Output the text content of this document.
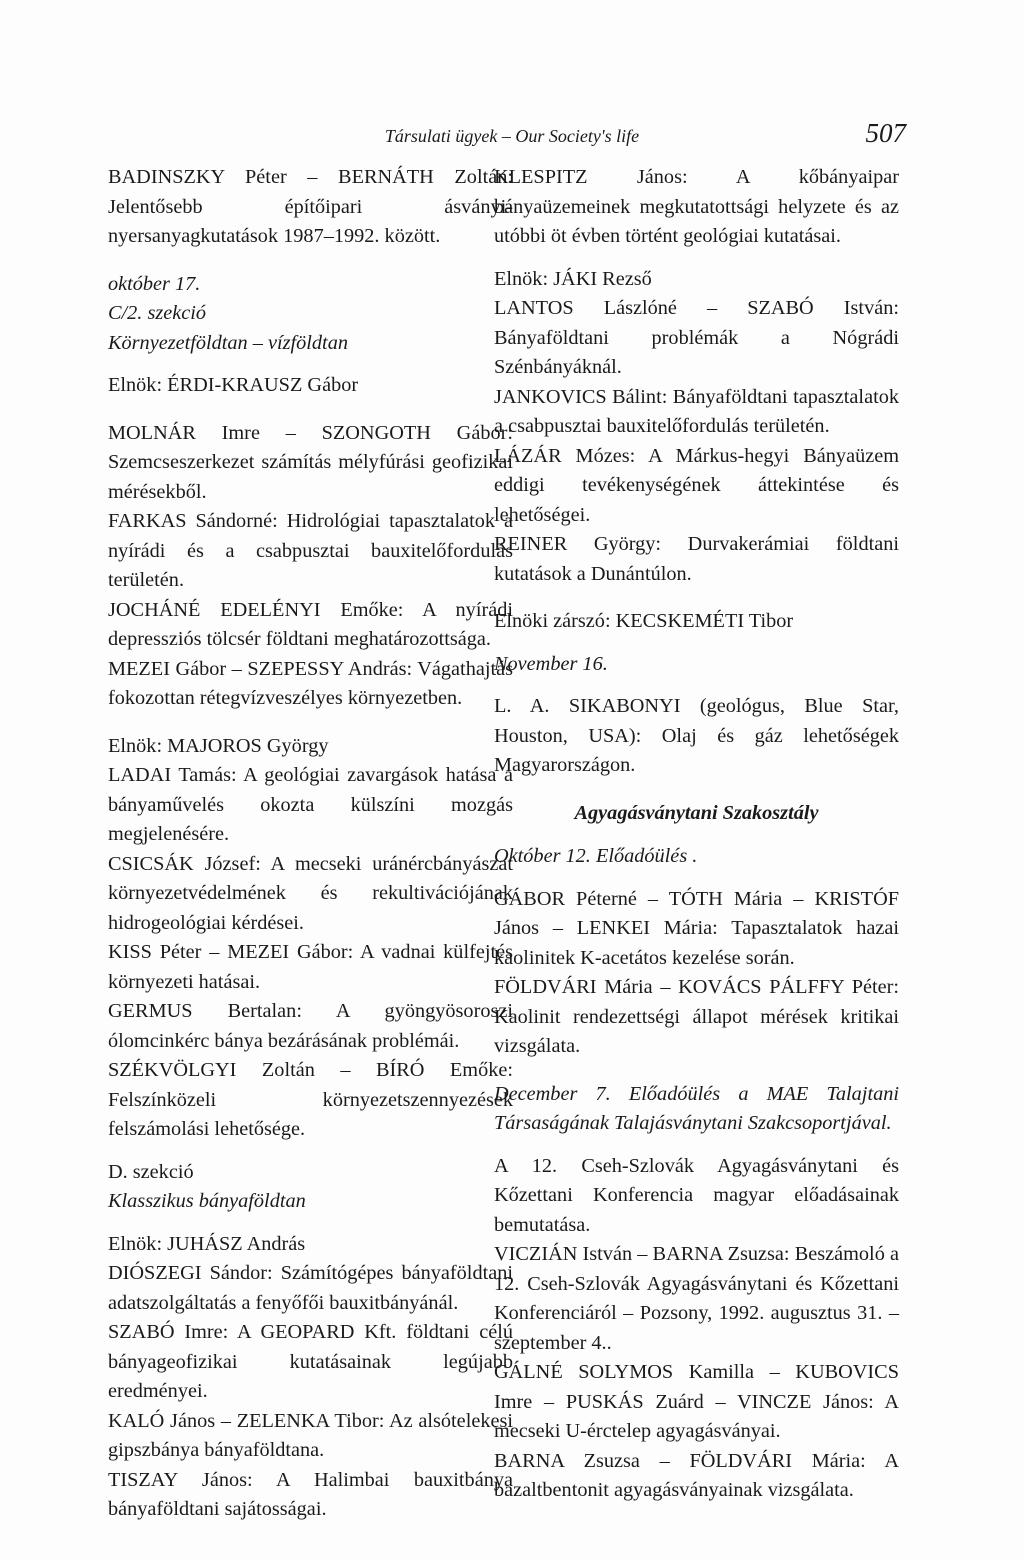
Társulati ügyek – Our Society's life	507

BADINSZKY Péter – BERNÁTH Zoltán: Jelentősebb építőipari ásványi-nyersanyagkutatások 1987–1992. között.

október 17.

C/2. szekció

Környezetföldtan – vízföldtan

Elnök: ÉRDI-KRAUSZ Gábor

MOLNÁR Imre – SZONGOTH Gábor: Szemcseszerkezet számítás mélyfúrási geofizikai mérésekből.

FARKAS Sándorné: Hidrológiai tapasztalatok a nyírádi és a csabpusztai bauxitelőfordulás területén.

JOCHÁNÉ EDELÉNYI Emőke: A nyírádi depressziós tölcsér földtani meghatározottsága.

MEZEI Gábor – SZEPESSY András: Vágathajtás fokozottan rétegvízveszélyes környezetben.

Elnök: MAJOROS György

LADAI Tamás: A geológiai zavargások hatása a bányaművelés okozta külszíni mozgás megjelenésére.

CSICSÁK József: A mecseki uránércbányászat környezetvédelmének és rekultivációjának hidrogeológiai kérdései.

KISS Péter – MEZEI Gábor: A vadnai külfejtés környezeti hatásai.

GERMUS Bertalan: A gyöngyösoroszi ólomcinkérc bánya bezárásának problémái.

SZÉKVÖLGYI Zoltán – BÍRÓ Emőke: Felszínközeli környezetszennyezések felszámolási lehetősége.

D. szekció

Klasszikus bányaföldtan

Elnök: JUHÁSZ András

DIÓSZEGI Sándor: Számítógépes bányaföldtani adatszolgáltatás a fenyőfői bauxitbányánál.

SZABÓ Imre: A GEOPARD Kft. földtani célú bányageofizikai kutatásainak legújabb eredményei.

KALÓ János – ZELENKA Tibor: Az alsótelekesi gipszbánya bányaföldtana.

TISZAY János: A Halimbai bauxitbánya bányaföldtani sajátosságai.

KLESPITZ János: A kőbányaipar bányaüzemeinek megkutatottsági helyzete és az utóbbi öt évben történt geológiai kutatásai.

Elnök: JÁKI Rezső

LANTOS Lászlóné – SZABÓ István: Bányaföldtani problémák a Nógrádi Szénbányáknál.

JANKOVICS Bálint: Bányaföldtani tapasztalatok a csabpusztai bauxitelőfordulás területén.

LÁZÁR Mózes: A Márkus-hegyi Bányaüzem eddigi tevékenységének áttekintése és lehetőségei.

REINER György: Durvakerámiai földtani kutatások a Dunántúlon.

Elnöki zárszó: KECSKEMÉTI Tibor

November 16.

L. A. SIKABONYI (geológus, Blue Star, Houston, USA): Olaj és gáz lehetőségek Magyarországon.

Agyagásványtani Szakosztály

Október 12. Előadóülés .

GÁBOR Péterné – TÓTH Mária – KRISTÓF János – LENKEI Mária: Tapasztalatok hazai kaolinitek K-acetátos kezelése során.

FÖLDVÁRI Mária – KOVÁCS PÁLFFY Péter: Kaolinit rendezettségi állapot mérések kritikai vizsgálata.

December 7. Előadóülés a MAE Talajtani Társaságának Talajásványtani Szakcsoportjával.

A 12. Cseh-Szlovák Agyagásványtani és Kőzettani Konferencia magyar előadásainak bemutatása.

VICZIÁN István – BARNA Zsuzsa: Beszámoló a 12. Cseh-Szlovák Agyagásványtani és Kőzettani Konferenciáról – Pozsony, 1992. augusztus 31. – szeptember 4..

GÁLNÉ SOLYMOS Kamilla – KUBOVICS Imre – PUSKÁS Zuárd – VINCZE János: A mecseki U-érctelep agyagásványai.

BARNA Zsuzsa – FÖLDVÁRI Mária: A bazaltbentonit agyagásványainak vizsgálata.
